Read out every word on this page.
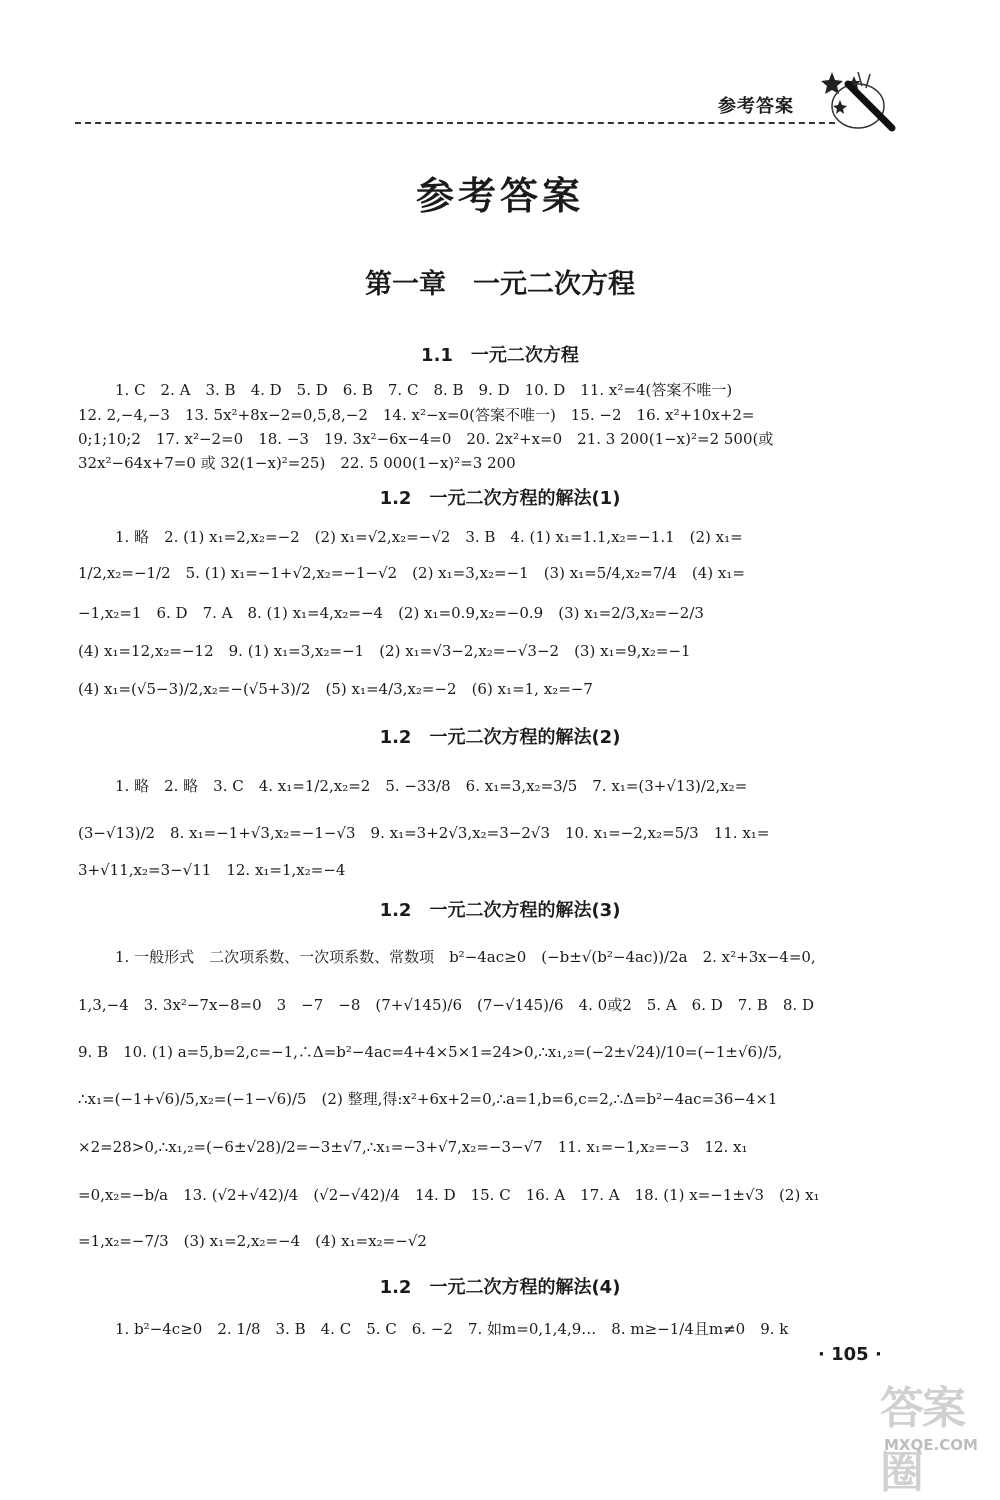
参考答案
参考答案
第一章　一元二次方程
1.1　一元二次方程
1. C　2. A　3. B　4. D　5. D　6. B　7. C　8. B　9. D　10. D　11. x²=4(答案不唯一)
12. 2,−4,−3　13. 5x²+8x−2=0,5,8,−2　14. x²−x=0(答案不唯一)　15. −2　16. x²+10x+2=
0;1;10;2　17. x²−2=0　18. −3　19. 3x²−6x−4=0　20. 2x²+x=0　21. 3 200(1−x)²=2 500(或
32x²−64x+7=0 或 32(1−x)²=25)　22. 5 000(1−x)²=3 200
1.2　一元二次方程的解法(1)
1. 略　2. (1) x₁=2,x₂=−2　(2) x₁=√2,x₂=−√2　3. B　4. (1) x₁=1.1,x₂=−1.1　(2) x₁=
1/2,x₂=−1/2　5. (1) x₁=−1+√2,x₂=−1−√2　(2) x₁=3,x₂=−1　(3) x₁=5/4,x₂=7/4　(4) x₁=
−1,x₂=1　6. D　7. A　8. (1) x₁=4,x₂=−4　(2) x₁=0.9,x₂=−0.9　(3) x₁=2/3,x₂=−2/3
(4) x₁=12,x₂=−12　9. (1) x₁=3,x₂=−1　(2) x₁=√3−2,x₂=−√3−2　(3) x₁=9,x₂=−1
(4) x₁=(√5−3)/2,x₂=−(√5+3)/2　(5) x₁=4/3,x₂=−2　(6) x₁=1, x₂=−7
1.2　一元二次方程的解法(2)
1. 略　2. 略　3. C　4. x₁=1/2,x₂=2　5. −33/8　6. x₁=3,x₂=3/5　7. x₁=(3+√13)/2,x₂=
(3−√13)/2　8. x₁=−1+√3,x₂=−1−√3　9. x₁=3+2√3,x₂=3−2√3　10. x₁=−2,x₂=5/3　11. x₁=
3+√11,x₂=3−√11　12. x₁=1,x₂=−4
1.2　一元二次方程的解法(3)
1. 一般形式　二次项系数、一次项系数、常数项　b²−4ac≥0　(−b±√(b²−4ac))/2a　2. x²+3x−4=0,
1,3,−4　3. 3x²−7x−8=0　3　−7　−8　(7+√145)/6　(7−√145)/6　4. 0或2　5. A　6. D　7. B　8. D
9. B　10. (1) a=5,b=2,c=−1,∴Δ=b²−4ac=4+4×5×1=24>0,∴x₁,₂=(−2±√24)/10=(−1±√6)/5,
∴x₁=(−1+√6)/5,x₂=(−1−√6)/5　(2) 整理,得:x²+6x+2=0,∴a=1,b=6,c=2,∴Δ=b²−4ac=36−4×1
×2=28>0,∴x₁,₂=(−6±√28)/2=−3±√7,∴x₁=−3+√7,x₂=−3−√7　11. x₁=−1,x₂=−3　12. x₁
=0,x₂=−b/a　13. (√2+√42)/4　(√2−√42)/4　14. D　15. C　16. A　17. A　18. (1) x=−1±√3　(2) x₁
=1,x₂=−7/3　(3) x₁=2,x₂=−4　(4) x₁=x₂=−√2
1.2　一元二次方程的解法(4)
1. b²−4c≥0　2. 1/8　3. B　4. C　5. C　6. −2　7. 如m=0,1,4,9…　8. m≥−1/4且m≠0　9. k
· 105 ·
答案圈
MXQE.COM
